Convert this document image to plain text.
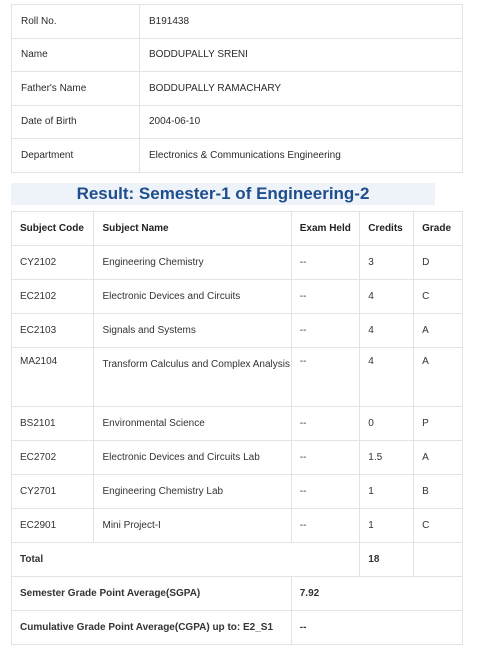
Roll No.	B191438
Name	BODDUPALLY SRENI
Father's Name	BODDUPALLY RAMACHARY
Date of Birth	2004-06-10
Department	Electronics & Communications Engineering
Result: Semester-1 of Engineering-2
Subject Code	Subject Name	Exam Held	Credits	Grade
CY2102	Engineering Chemistry	--	3	D
EC2102	Electronic Devices and Circuits	--	4	C
EC2103	Signals and Systems	--	4	A
MA2104	Transform Calculus and Complex Analysis	--	4	A
BS2101	Environmental Science	--	0	P
EC2702	Electronic Devices and Circuits Lab	--	1.5	A
CY2701	Engineering Chemistry Lab	--	1	B
EC2901	Mini Project-I	--	1	C
Total			18	
Semester Grade Point Average(SGPA)		7.92		
Cumulative Grade Point Average(CGPA) up to: E2_S1		--		
